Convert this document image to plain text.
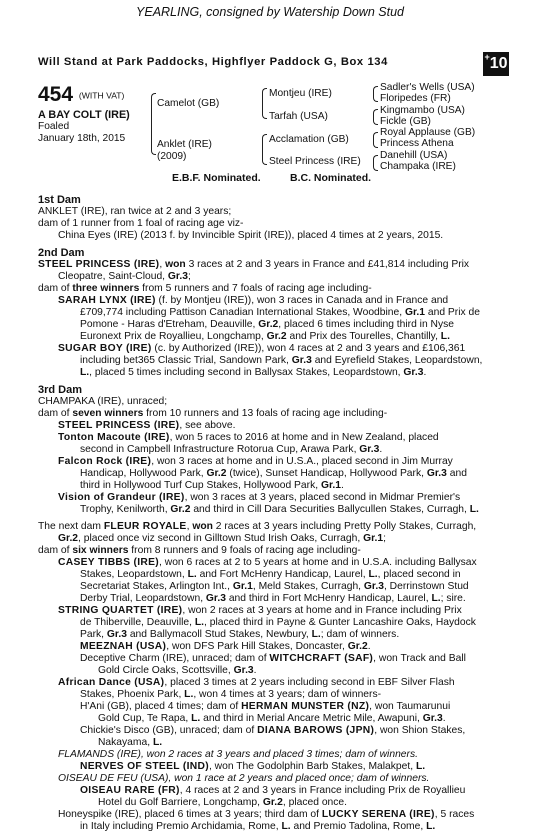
YEARLING, consigned by Watership Down Stud
Will Stand at Park Paddocks, Highflyer Paddock G, Box 134	+10
454 (WITH VAT)
A BAY COLT (IRE)
Foaled
January 18th, 2015
Camelot (GB)
Anklet (IRE)
(2009)
Montjeu (IRE)
Tarfah (USA)
Acclamation (GB)
Steel Princess (IRE)
Sadler's Wells (USA)
Floripedes (FR)
Kingmambo (USA)
Fickle (GB)
Royal Applause (GB)
Princess Athena
Danehill (USA)
Champaka (IRE)
E.B.F. Nominated.	B.C. Nominated.
1st Dam
ANKLET (IRE), ran twice at 2 and 3 years;
dam of 1 runner from 1 foal of racing age viz-
China Eyes (IRE) (2013 f. by Invincible Spirit (IRE)), placed 4 times at 2 years, 2015.
2nd Dam
STEEL PRINCESS (IRE), won 3 races at 2 and 3 years in France and £41,814 including Prix
Cleopatre, Saint-Cloud, Gr.3;
dam of three winners from 5 runners and 7 foals of racing age including-
SARAH LYNX (IRE) (f. by Montjeu (IRE)), won 3 races in Canada and in France and
£709,774 including Pattison Canadian International Stakes, Woodbine, Gr.1 and Prix de
Pomone - Haras d'Etreham, Deauville, Gr.2, placed 6 times including third in Nyse
Euronext Prix de Royallieu, Longchamp, Gr.2 and Prix des Tourelles, Chantilly, L.
SUGAR BOY (IRE) (c. by Authorized (IRE)), won 4 races at 2 and 3 years and £106,361
including bet365 Classic Trial, Sandown Park, Gr.3 and Eyrefield Stakes, Leopardstown,
L., placed 5 times including second in Ballysax Stakes, Leopardstown, Gr.3.
3rd Dam
CHAMPAKA (IRE), unraced;
dam of seven winners from 10 runners and 13 foals of racing age including-
STEEL PRINCESS (IRE), see above.
Tonton Macoute (IRE), won 5 races to 2016 at home and in New Zealand, placed
second in Campbell Infrastructure Rotorua Cup, Arawa Park, Gr.3.
Falcon Rock (IRE), won 3 races at home and in U.S.A., placed second in Jim Murray
Handicap, Hollywood Park, Gr.2 (twice), Sunset Handicap, Hollywood Park, Gr.3 and
third in Hollywood Turf Cup Stakes, Hollywood Park, Gr.1.
Vision of Grandeur (IRE), won 3 races at 3 years, placed second in Midmar Premier's
Trophy, Kenilworth, Gr.2 and third in Cill Dara Securities Ballycullen Stakes, Curragh, L.
The next dam FLEUR ROYALE, won 2 races at 3 years including Pretty Polly Stakes, Curragh,
Gr.2, placed once viz second in Gilltown Stud Irish Oaks, Curragh, Gr.1;
dam of six winners from 8 runners and 9 foals of racing age including-
CASEY TIBBS (IRE), won 6 races at 2 to 5 years at home and in U.S.A. including Ballysax
Stakes, Leopardstown, L. and Fort McHenry Handicap, Laurel, L., placed second in
Secretariat Stakes, Arlington Int., Gr.1, Meld Stakes, Curragh, Gr.3, Derrinstown Stud
Derby Trial, Leopardstown, Gr.3 and third in Fort McHenry Handicap, Laurel, L.; sire.
STRING QUARTET (IRE), won 2 races at 3 years at home and in France including Prix
de Thiberville, Deauville, L., placed third in Payne & Gunter Lancashire Oaks, Haydock
Park, Gr.3 and Ballymacoll Stud Stakes, Newbury, L.; dam of winners.
MEEZNAH (USA), won DFS Park Hill Stakes, Doncaster, Gr.2.
Deceptive Charm (IRE), unraced; dam of WITCHCRAFT (SAF), won Track and Ball
Gold Circle Oaks, Scottsville, Gr.3.
African Dance (USA), placed 3 times at 2 years including second in EBF Silver Flash
Stakes, Phoenix Park, L., won 4 times at 3 years; dam of winners-
H'Ani (GB), placed 4 times; dam of HERMAN MUNSTER (NZ), won Taumarunui
Gold Cup, Te Rapa, L. and third in Merial Ancare Metric Mile, Awapuni, Gr.3.
Chickie's Disco (GB), unraced; dam of DIANA BAROWS (JPN), won Shion Stakes,
Nakayama, L.
FLAMANDS (IRE), won 2 races at 3 years and placed 3 times; dam of winners.
NERVES OF STEEL (IND), won The Godolphin Barb Stakes, Malakpet, L.
OISEAU DE FEU (USA), won 1 race at 2 years and placed once; dam of winners.
OISEAU RARE (FR), 4 races at 2 and 3 years in France including Prix de Royallieu
Hotel du Golf Barriere, Longchamp, Gr.2, placed once.
Honeyspike (IRE), placed 6 times at 3 years; third dam of LUCKY SERENA (IRE), 5 races
in Italy including Premio Archidamia, Rome, L. and Premio Tadolina, Rome, L.
